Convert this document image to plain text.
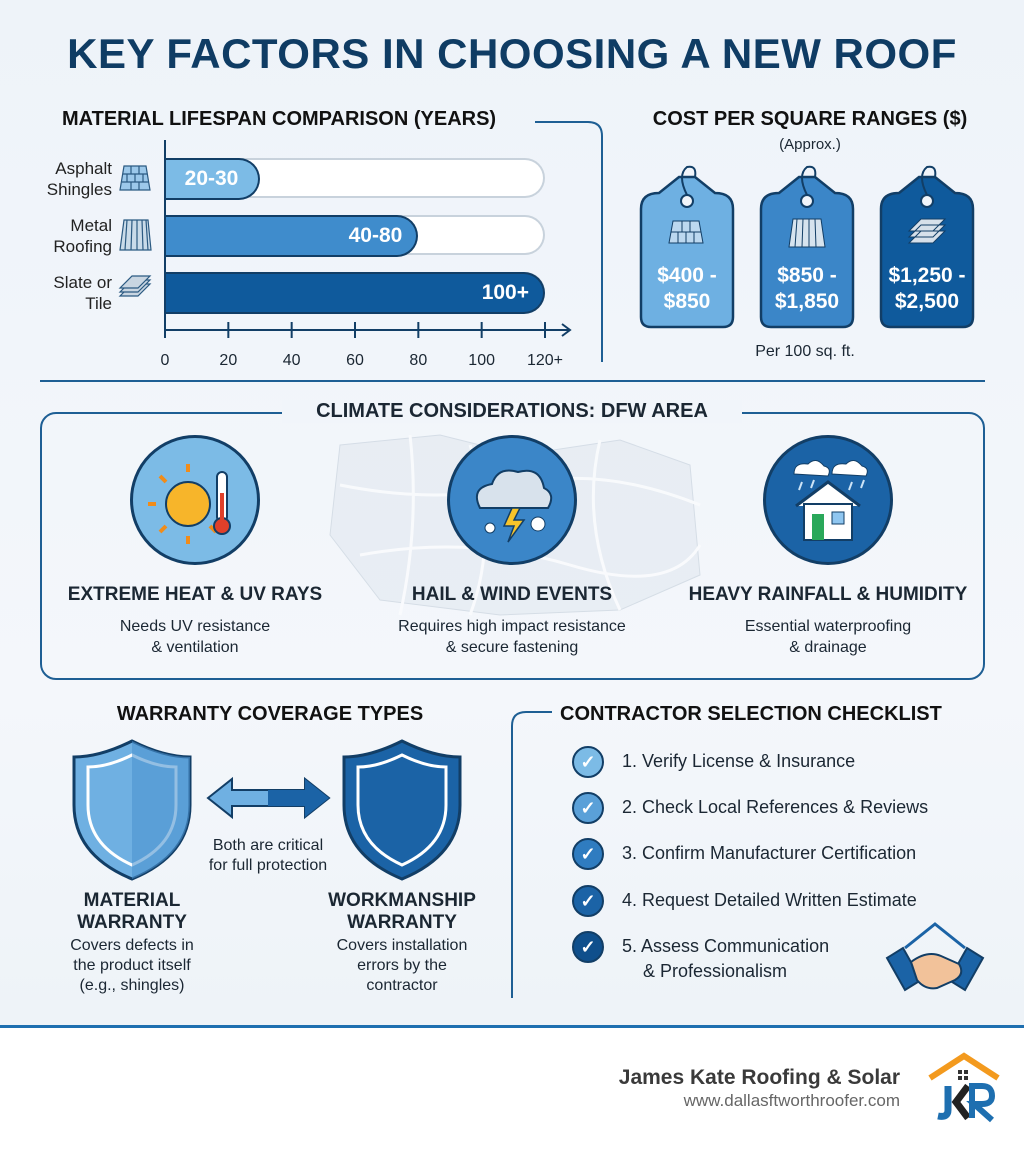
KEY FACTORS IN CHOOSING A NEW ROOF
MATERIAL LIFESPAN COMPARISON (YEARS)
Asphalt Shingles
Metal Roofing
Slate or Tile
20-30
40-80
100+
0	20	40	60	80	100	120+
COST PER SQUARE RANGES ($)
(Approx.)
$400 -
$850
$850 -
$1,850
$1,250 -
$2,500
Per 100 sq. ft.
CLIMATE CONSIDERATIONS: DFW AREA
EXTREME HEAT & UV RAYS
Needs UV resistance
& ventilation
HAIL & WIND EVENTS
Requires high impact resistance
& secure fastening
HEAVY RAINFALL & HUMIDITY
Essential waterproofing
& drainage
WARRANTY COVERAGE TYPES
Both are critical
for full protection
MATERIAL
WARRANTY
Covers defects in
the product itself
(e.g., shingles)
WORKMANSHIP
WARRANTY
Covers installation
errors by the
contractor
CONTRACTOR SELECTION CHECKLIST
✓	1. Verify License & Insurance
✓	2. Check Local References & Reviews
✓	3. Confirm Manufacturer Certification
✓	4. Request Detailed Written Estimate
✓	5. Assess Communication
& Professionalism
James Kate Roofing & Solar
www.dallasftworthroofer.com
